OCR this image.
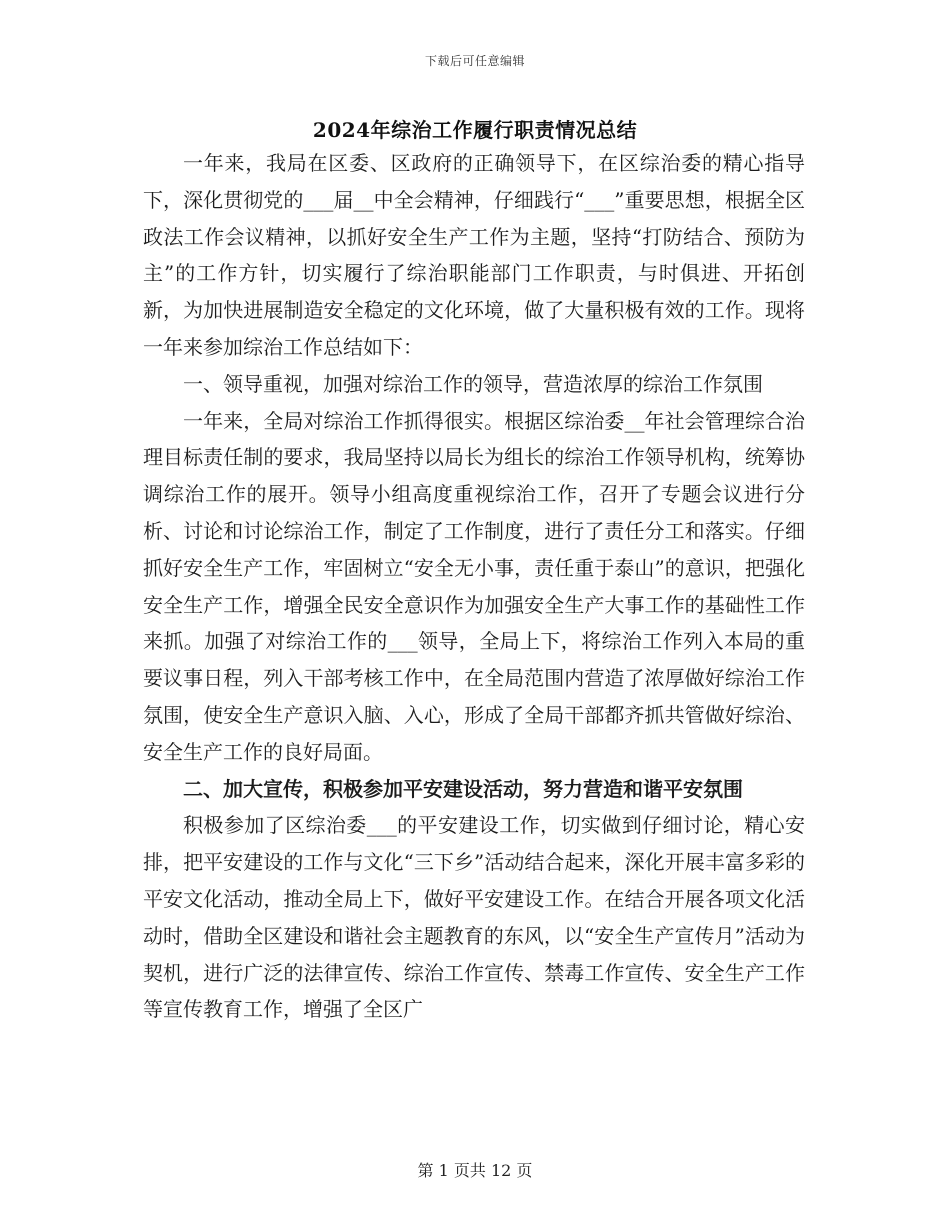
下载后可任意编辑
2024年综治工作履行职责情况总结

一年来，我局在区委、区政府的正确领导下，在区综治委的精心指导下，深化贯彻党的___届__中全会精神，仔细践行“___”重要思想，根据全区政法工作会议精神，以抓好安全生产工作为主题，坚持“打防结合、预防为主”的工作方针，切实履行了综治职能部门工作职责，与时俱进、开拓创新，为加快进展制造安全稳定的文化环境，做了大量积极有效的工作。现将一年来参加综治工作总结如下：

一、领导重视，加强对综治工作的领导，营造浓厚的综治工作氛围

一年来，全局对综治工作抓得很实。根据区综治委__年社会管理综合治理目标责任制的要求，我局坚持以局长为组长的综治工作领导机构，统筹协调综治工作的展开。领导小组高度重视综治工作，召开了专题会议进行分析、讨论和讨论综治工作，制定了工作制度，进行了责任分工和落实。仔细抓好安全生产工作，牢固树立“安全无小事，责任重于泰山”的意识，把强化安全生产工作，增强全民安全意识作为加强安全生产大事工作的基础性工作来抓。加强了对综治工作的___领导，全局上下，将综治工作列入本局的重要议事日程，列入干部考核工作中，在全局范围内营造了浓厚做好综治工作氛围，使安全生产意识入脑、入心，形成了全局干部都齐抓共管做好综治、安全生产工作的良好局面。

二、加大宣传，积极参加平安建设活动，努力营造和谐平安氛围

积极参加了区综治委___的平安建设工作，切实做到仔细讨论，精心安排，把平安建设的工作与文化“三下乡”活动结合起来，深化开展丰富多彩的平安文化活动，推动全局上下，做好平安建设工作。在结合开展各项文化活动时，借助全区建设和谐社会主题教育的东风，以“安全生产宣传月”活动为契机，进行广泛的法律宣传、综治工作宣传、禁毒工作宣传、安全生产工作等宣传教育工作，增强了全区广

第 1 页共 12 页
